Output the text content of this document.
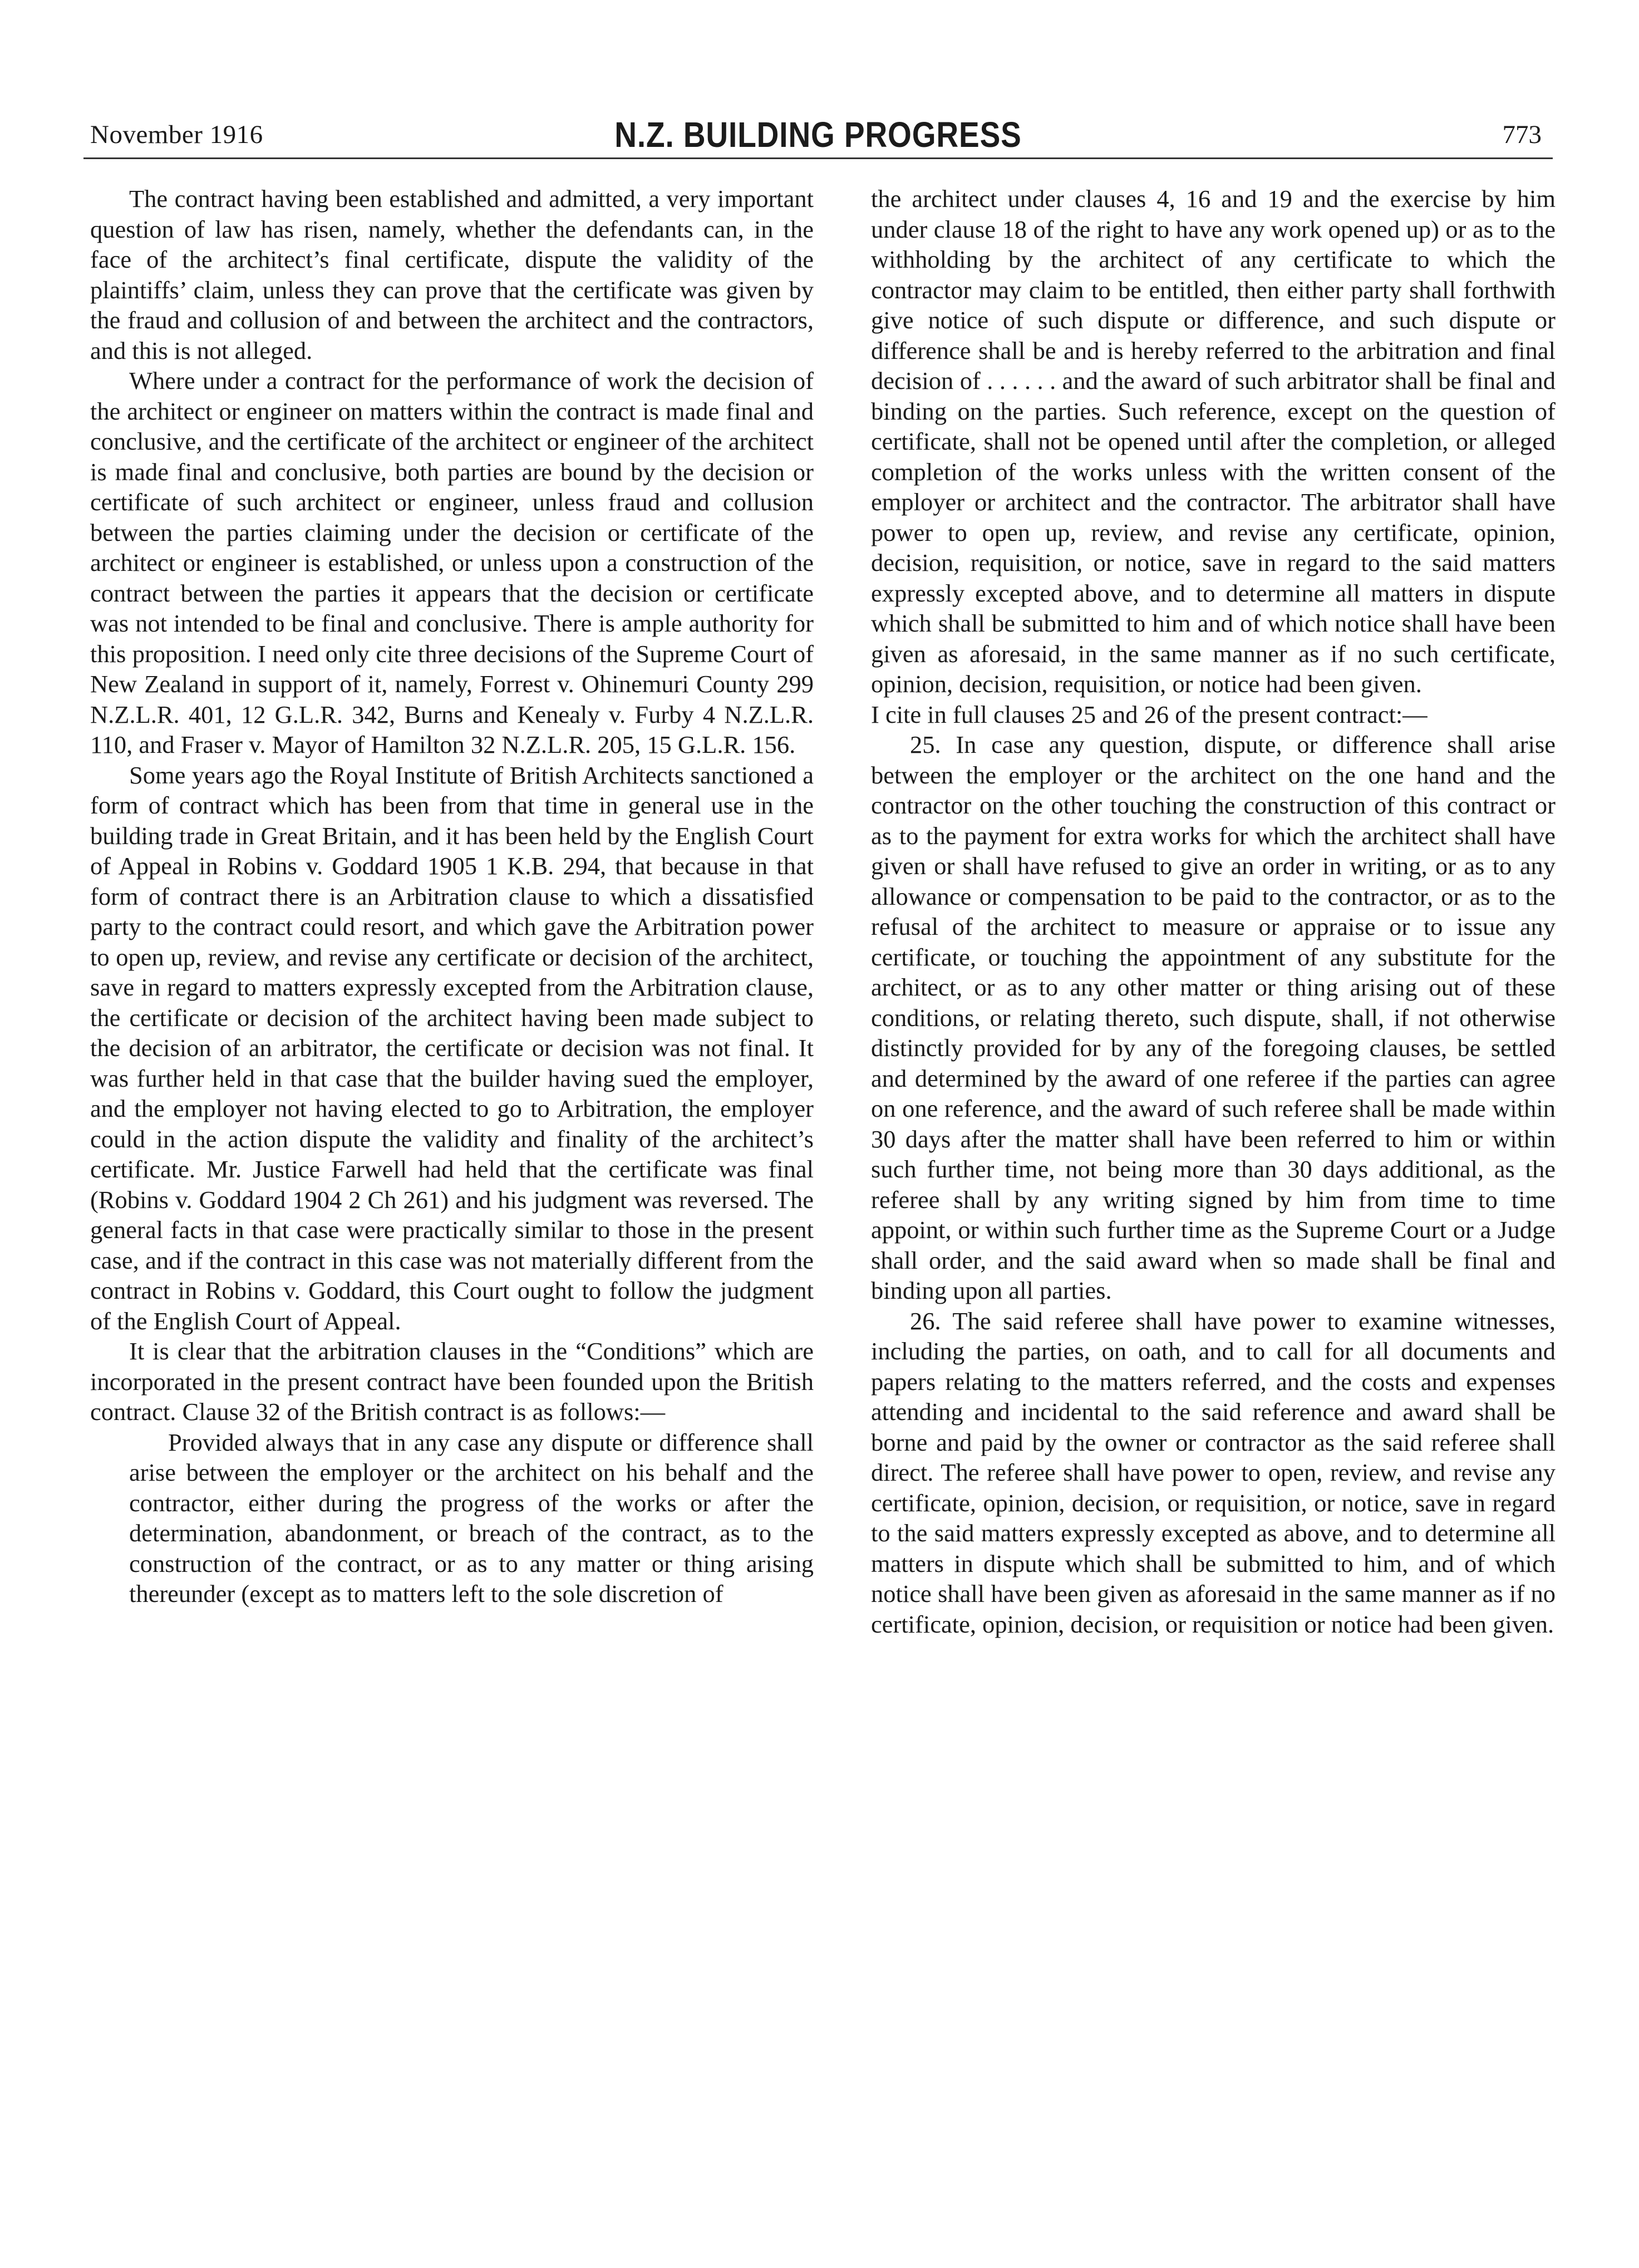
November 1916	N.Z. BUILDING PROGRESS	773

The contract having been established and admitted, a very important question of law has risen, namely, whether the defendants can, in the face of the architect’s final certificate, dispute the validity of the plaintiffs’ claim, unless they can prove that the certificate was given by the fraud and collusion of and between the architect and the contractors, and this is not alleged.

Where under a contract for the performance of work the decision of the architect or engineer on matters within the contract is made final and conclusive, and the certificate of the architect or engineer of the architect is made final and conclusive, both parties are bound by the decision or certificate of such architect or engineer, unless fraud and collusion between the parties claiming under the decision or certificate of the architect or engineer is established, or unless upon a construction of the contract between the parties it appears that the decision or certificate was not intended to be final and conclusive. There is ample authority for this proposition. I need only cite three decisions of the Supreme Court of New Zealand in support of it, namely, Forrest v. Ohinemuri County 299 N.Z.L.R. 401, 12 G.L.R. 342, Burns and Kenealy v. Furby 4 N.Z.L.R. 110, and Fraser v. Mayor of Hamilton 32 N.Z.L.R. 205, 15 G.L.R. 156.

Some years ago the Royal Institute of British Architects sanctioned a form of contract which has been from that time in general use in the building trade in Great Britain, and it has been held by the English Court of Appeal in Robins v. Goddard 1905 1 K.B. 294, that because in that form of contract there is an Arbitration clause to which a dissatisfied party to the contract could resort, and which gave the Arbitration power to open up, review, and revise any certificate or decision of the architect, save in regard to matters expressly excepted from the Arbitration clause, the certificate or decision of the architect having been made subject to the decision of an arbitrator, the certificate or decision was not final. It was further held in that case that the builder having sued the employer, and the employer not having elected to go to Arbitration, the employer could in the action dispute the validity and finality of the architect’s certificate. Mr. Justice Farwell had held that the certificate was final (Robins v. Goddard 1904 2 Ch 261) and his judgment was reversed. The general facts in that case were practically similar to those in the present case, and if the contract in this case was not materially different from the contract in Robins v. Goddard, this Court ought to follow the judgment of the English Court of Appeal.

It is clear that the arbitration clauses in the “Conditions” which are incorporated in the present contract have been founded upon the British contract. Clause 32 of the British contract is as follows:—

Provided always that in any case any dispute or difference shall arise between the employer or the architect on his behalf and the contractor, either during the progress of the works or after the determination, abandonment, or breach of the contract, as to the construction of the contract, or as to any matter or thing arising thereunder (except as to matters left to the sole discretion of

the architect under clauses 4, 16 and 19 and the exercise by him under clause 18 of the right to have any work opened up) or as to the withholding by the architect of any certificate to which the contractor may claim to be entitled, then either party shall forthwith give notice of such dispute or difference, and such dispute or difference shall be and is hereby referred to the arbitration and final decision of . . . . . . and the award of such arbitrator shall be final and binding on the parties. Such reference, except on the question of certificate, shall not be opened until after the completion, or alleged completion of the works unless with the written consent of the employer or architect and the contractor. The arbitrator shall have power to open up, review, and revise any certificate, opinion, decision, requisition, or notice, save in regard to the said matters expressly excepted above, and to determine all matters in dispute which shall be submitted to him and of which notice shall have been given as aforesaid, in the same manner as if no such certificate, opinion, decision, requisition, or notice had been given.

I cite in full clauses 25 and 26 of the present contract:—

25. In case any question, dispute, or difference shall arise between the employer or the architect on the one hand and the contractor on the other touching the construction of this contract or as to the payment for extra works for which the architect shall have given or shall have refused to give an order in writing, or as to any allowance or compensation to be paid to the contractor, or as to the refusal of the architect to measure or appraise or to issue any certificate, or touching the appointment of any substitute for the architect, or as to any other matter or thing arising out of these conditions, or relating thereto, such dispute, shall, if not otherwise distinctly provided for by any of the foregoing clauses, be settled and determined by the award of one referee if the parties can agree on one reference, and the award of such referee shall be made within 30 days after the matter shall have been referred to him or within such further time, not being more than 30 days additional, as the referee shall by any writing signed by him from time to time appoint, or within such further time as the Supreme Court or a Judge shall order, and the said award when so made shall be final and binding upon all parties.

26. The said referee shall have power to examine witnesses, including the parties, on oath, and to call for all documents and papers relating to the matters referred, and the costs and expenses attending and incidental to the said reference and award shall be borne and paid by the owner or contractor as the said referee shall direct. The referee shall have power to open, review, and revise any certificate, opinion, decision, or requisition, or notice, save in regard to the said matters expressly excepted as above, and to determine all matters in dispute which shall be submitted to him, and of which notice shall have been given as aforesaid in the same manner as if no certificate, opinion, decision, or requisition or notice had been given.
